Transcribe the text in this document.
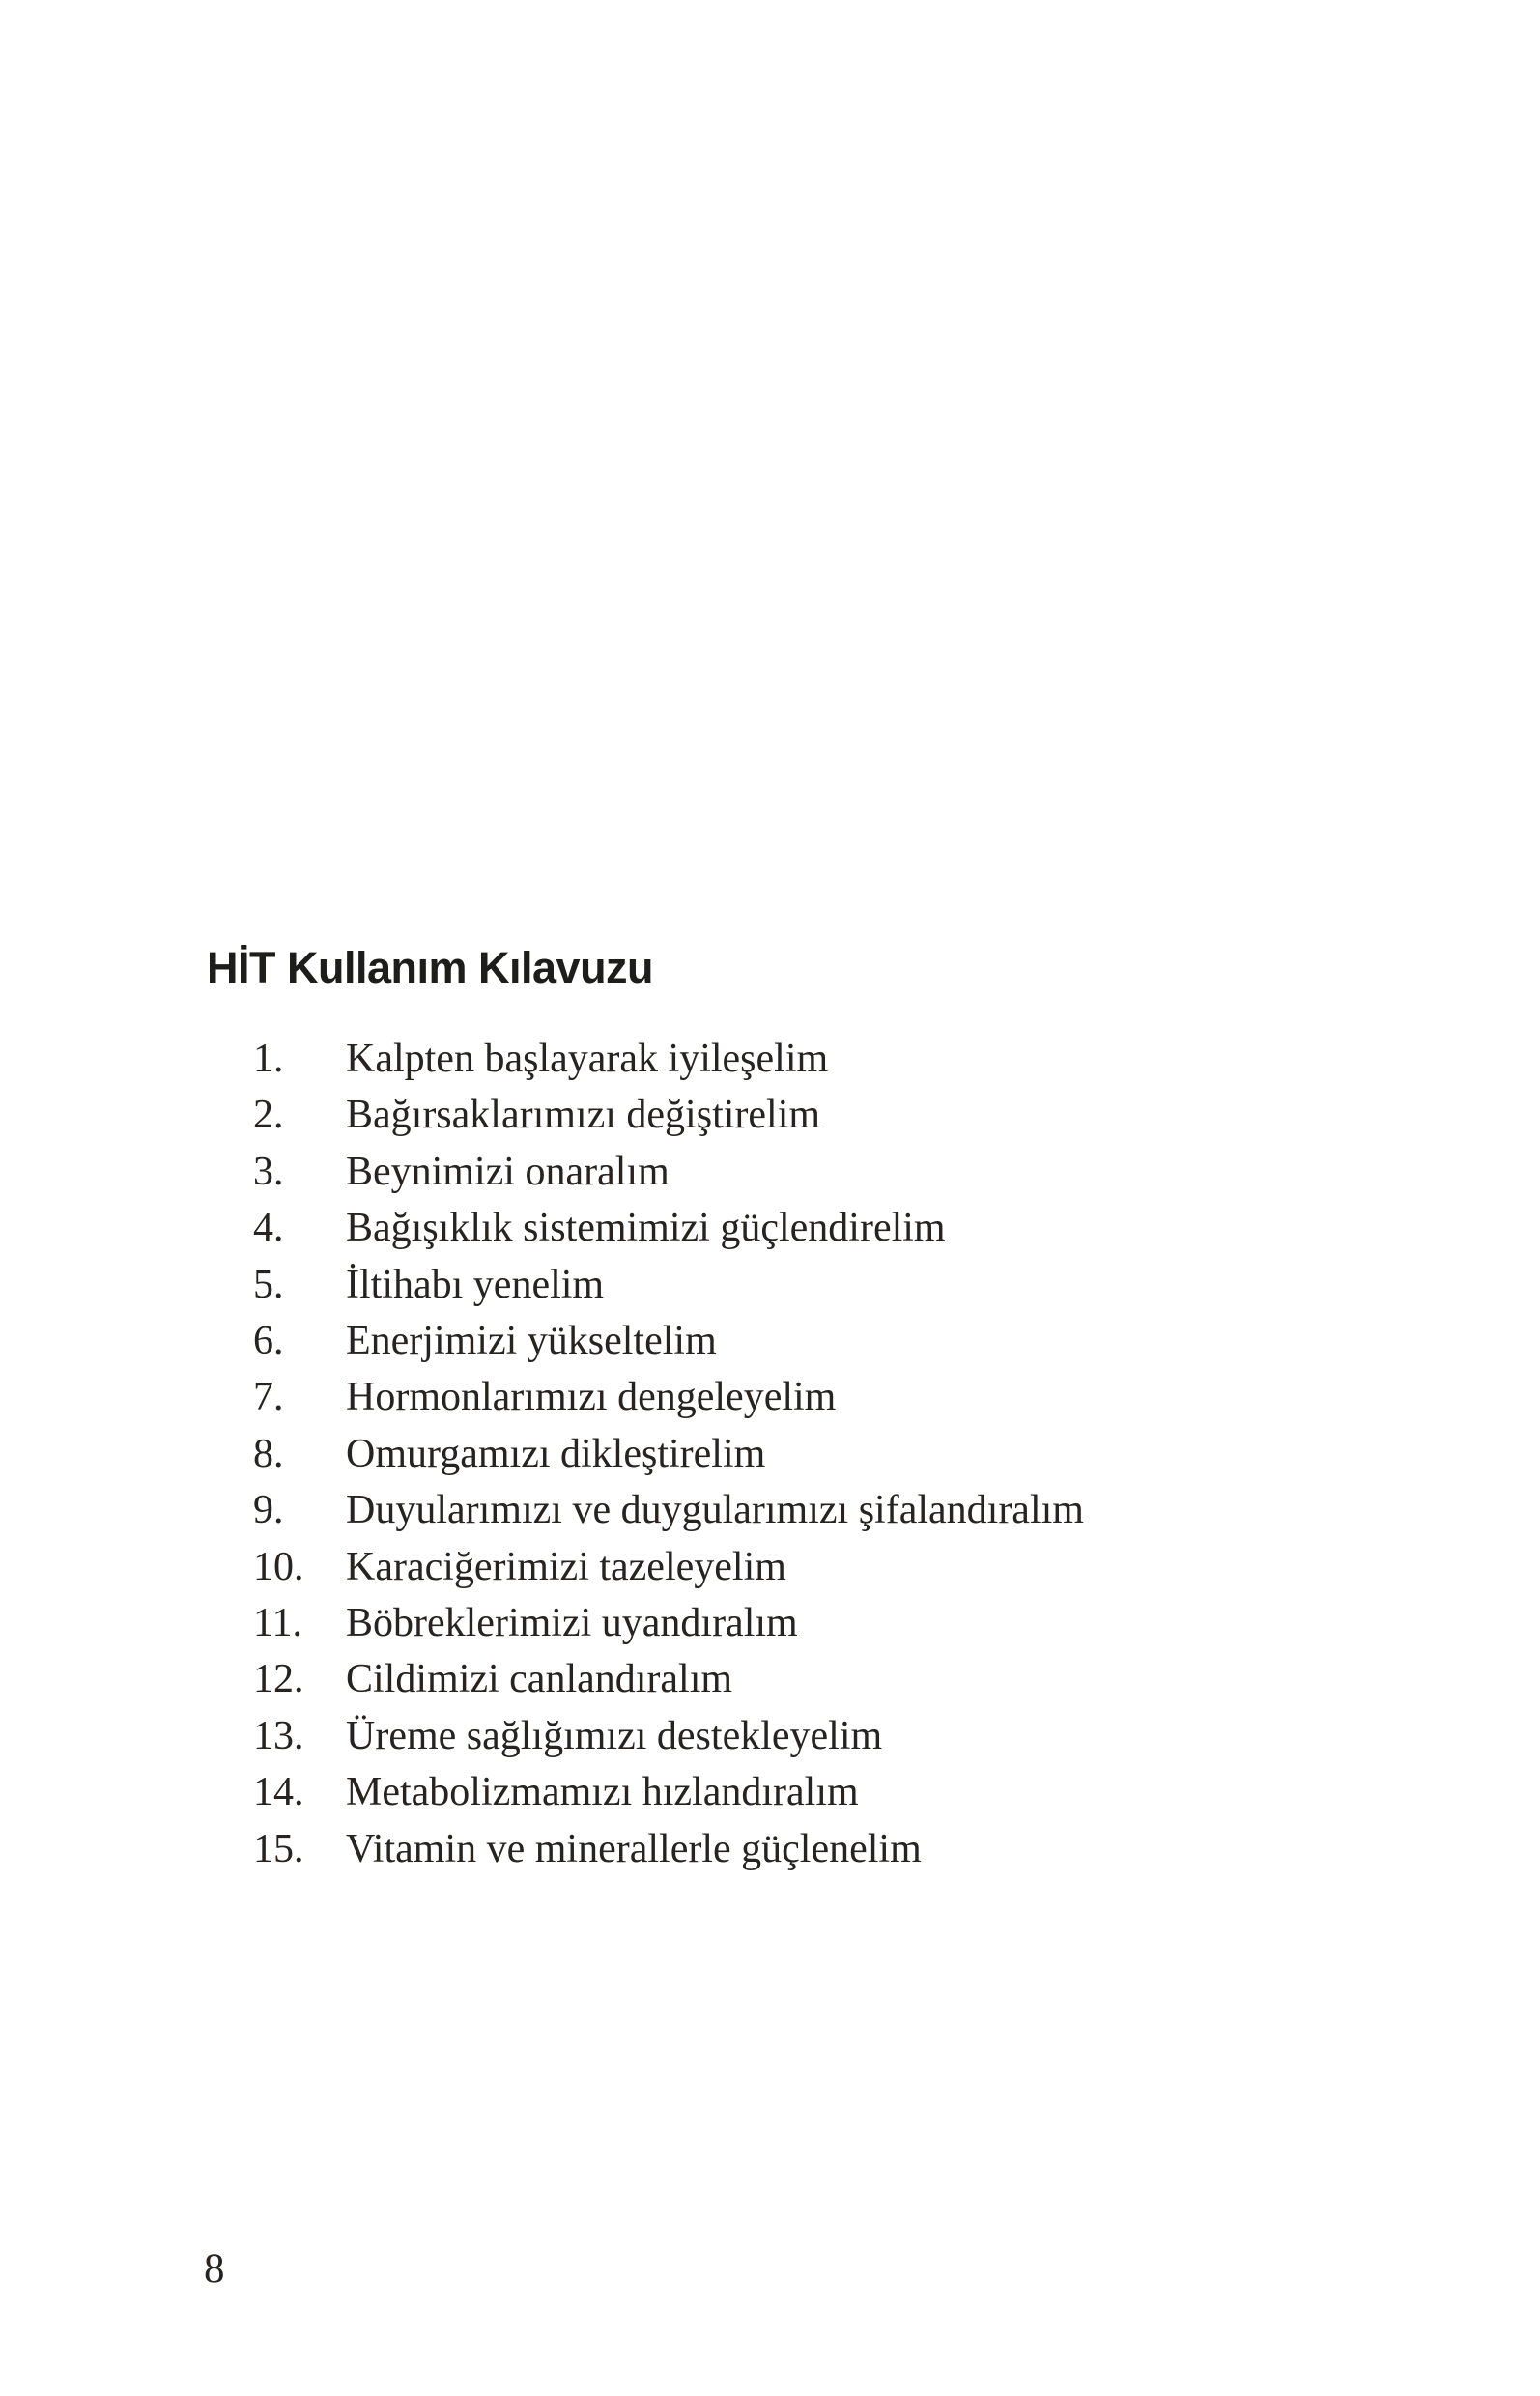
HİT Kullanım Kılavuzu
1.	Kalpten başlayarak iyileşelim
2.	Bağırsaklarımızı değiştirelim
3.	Beynimizi onaralım
4.	Bağışıklık sistemimizi güçlendirelim
5.	İltihabı yenelim
6.	Enerjimizi yükseltelim
7.	Hormonlarımızı dengeleyelim
8.	Omurgamızı dikleştirelim
9.	Duyularımızı ve duygularımızı şifalandıralım
10.	Karaciğerimizi tazeleyelim
11.	Böbreklerimizi uyandıralım
12.	Cildimizi canlandıralım
13.	Üreme sağlığımızı destekleyelim
14.	Metabolizmamızı hızlandıralım
15.	Vitamin ve minerallerle güçlenelim
8
